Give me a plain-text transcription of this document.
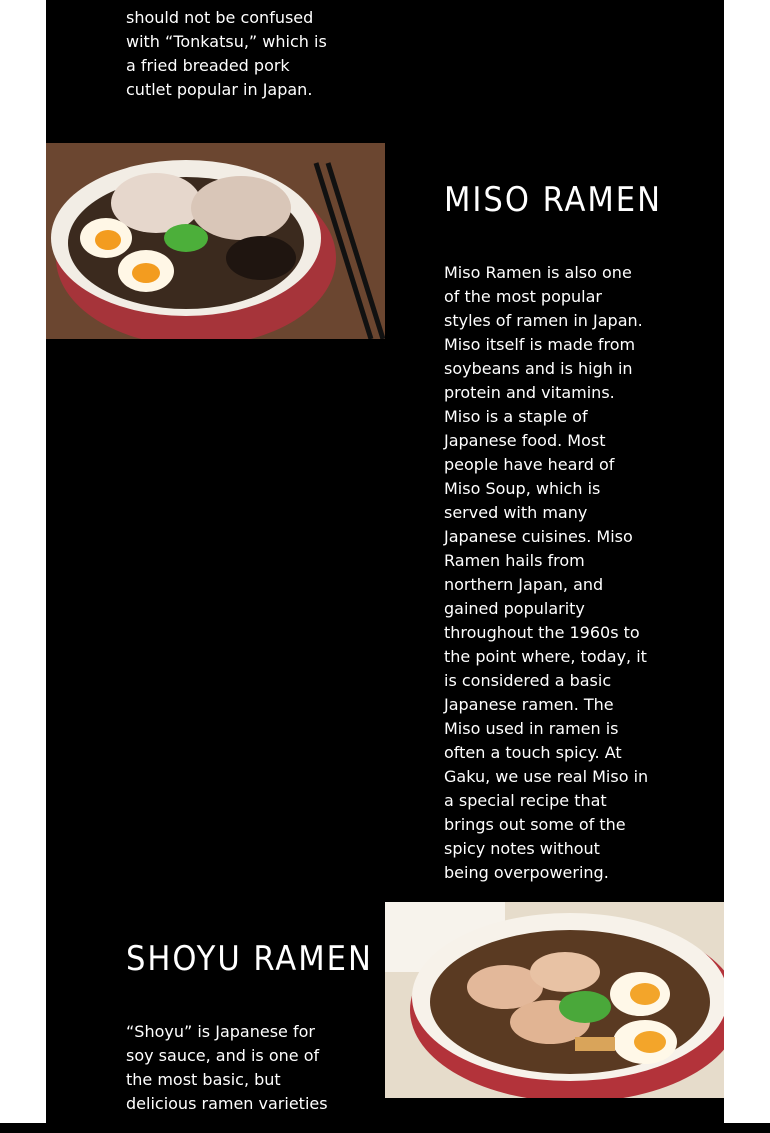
should not be confused with “Tonkatsu,” which is a fried breaded pork cutlet popular in Japan.

MISO RAMEN

Miso Ramen is also one of the most popular styles of ramen in Japan. Miso itself is made from soybeans and is high in protein and vitamins. Miso is a staple of Japanese food. Most people have heard of Miso Soup, which is served with many Japanese cuisines. Miso Ramen hails from northern Japan, and gained popularity throughout the 1960s to the point where, today, it is considered a basic Japanese ramen. The Miso used in ramen is often a touch spicy. At Gaku, we use real Miso in a special recipe that brings out some of the spicy notes without being overpowering.

SHOYU RAMEN

“Shoyu” is Japanese for soy sauce, and is one of the most basic, but delicious ramen varieties
